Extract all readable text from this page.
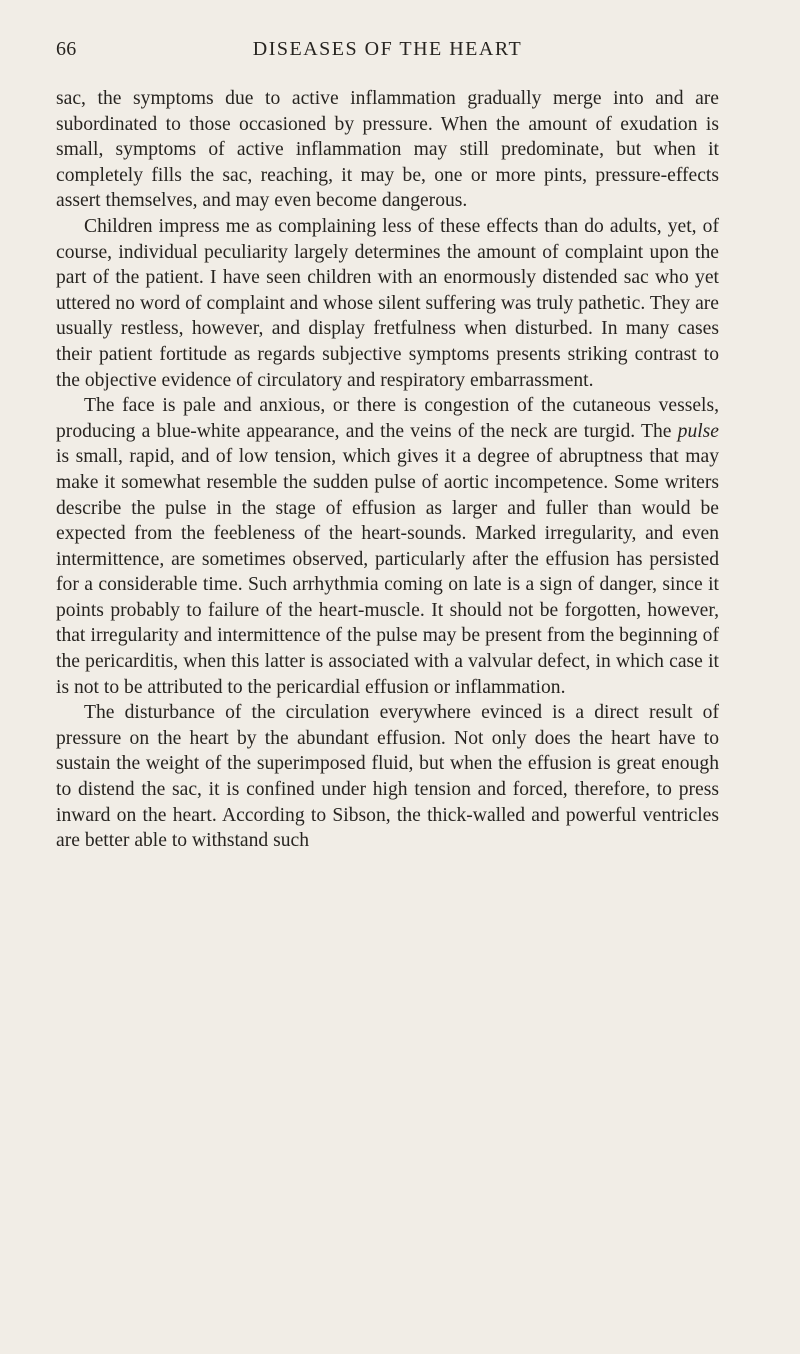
66	DISEASES OF THE HEART

sac, the symptoms due to active inflammation gradually merge into and are subordinated to those occasioned by pressure. When the amount of exudation is small, symptoms of active inflammation may still predominate, but when it completely fills the sac, reaching, it may be, one or more pints, pressure-effects assert themselves, and may even become dangerous.

Children impress me as complaining less of these effects than do adults, yet, of course, individual peculiarity largely determines the amount of complaint upon the part of the patient. I have seen children with an enormously distended sac who yet uttered no word of complaint and whose silent suffering was truly pathetic. They are usually restless, however, and display fretfulness when disturbed. In many cases their patient fortitude as regards subjective symptoms presents striking contrast to the objective evidence of circulatory and respiratory embarrassment.

The face is pale and anxious, or there is congestion of the cutaneous vessels, producing a blue-white appearance, and the veins of the neck are turgid. The pulse is small, rapid, and of low tension, which gives it a degree of abruptness that may make it somewhat resemble the sudden pulse of aortic incompetence. Some writers describe the pulse in the stage of effusion as larger and fuller than would be expected from the feebleness of the heart-sounds. Marked irregularity, and even intermittence, are sometimes observed, particularly after the effusion has persisted for a considerable time. Such arrhythmia coming on late is a sign of danger, since it points probably to failure of the heart-muscle. It should not be forgotten, however, that irregularity and intermittence of the pulse may be present from the beginning of the pericarditis, when this latter is associated with a valvular defect, in which case it is not to be attributed to the pericardial effusion or inflammation.

The disturbance of the circulation everywhere evinced is a direct result of pressure on the heart by the abundant effusion. Not only does the heart have to sustain the weight of the superimposed fluid, but when the effusion is great enough to distend the sac, it is confined under high tension and forced, therefore, to press inward on the heart. According to Sibson, the thick-walled and powerful ventricles are better able to withstand such
